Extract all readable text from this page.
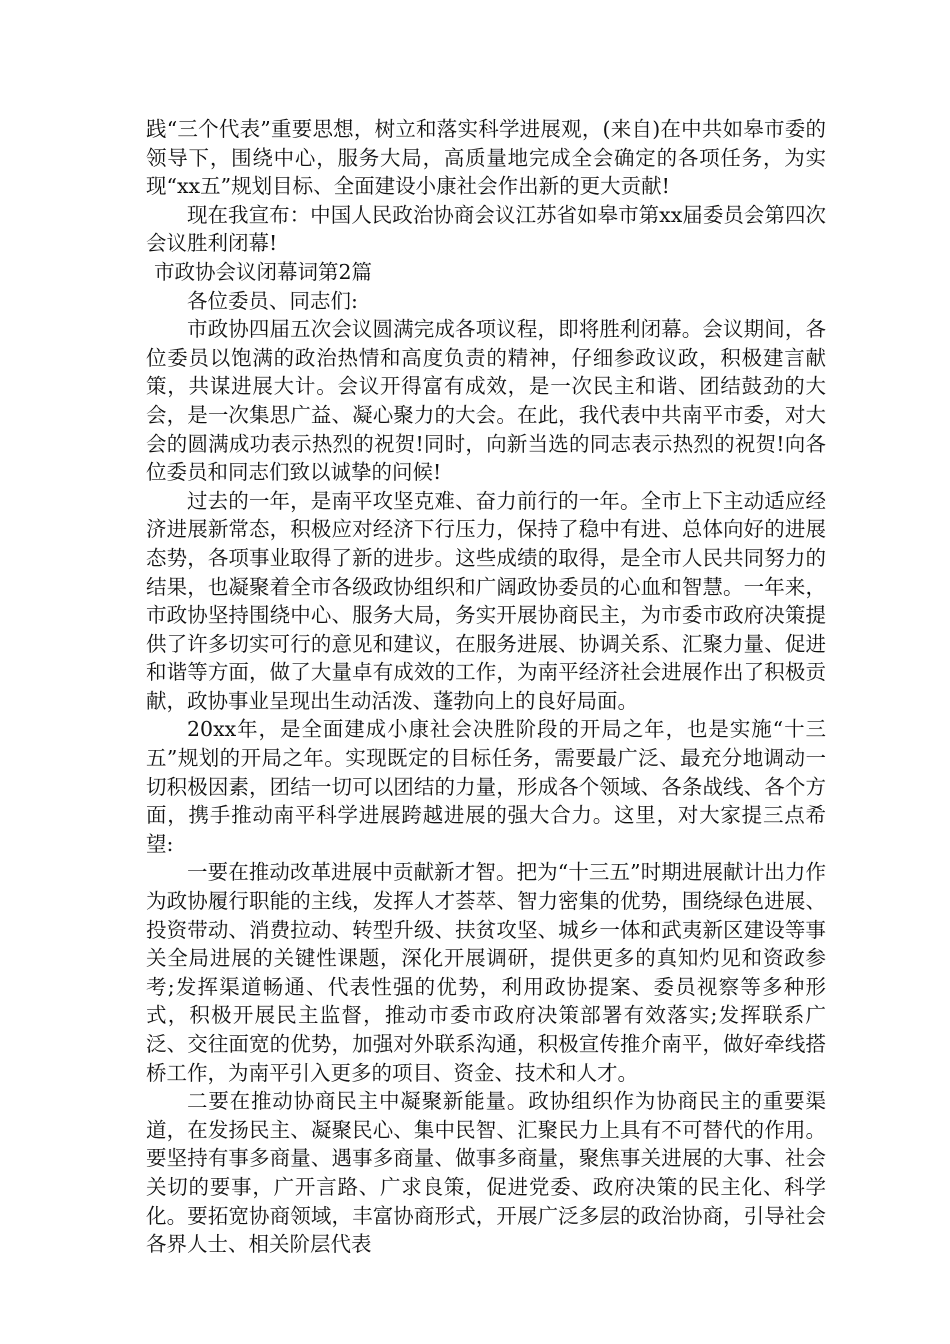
践“三个代表”重要思想，树立和落实科学进展观，(来自)在中共如皋市委的领导下，围绕中心，服务大局，高质量地完成全会确定的各项任务，为实现“xx五”规划目标、全面建设小康社会作出新的更大贡献!

现在我宣布：中国人民政治协商会议江苏省如皋市第xx届委员会第四次会议胜利闭幕!

市政协会议闭幕词第2篇

各位委员、同志们:

市政协四届五次会议圆满完成各项议程，即将胜利闭幕。会议期间，各位委员以饱满的政治热情和高度负责的精神，仔细参政议政，积极建言献策，共谋进展大计。会议开得富有成效，是一次民主和谐、团结鼓劲的大会，是一次集思广益、凝心聚力的大会。在此，我代表中共南平市委，对大会的圆满成功表示热烈的祝贺!同时，向新当选的同志表示热烈的祝贺!向各位委员和同志们致以诚挚的问候!

过去的一年，是南平攻坚克难、奋力前行的一年。全市上下主动适应经济进展新常态，积极应对经济下行压力，保持了稳中有进、总体向好的进展态势，各项事业取得了新的进步。这些成绩的取得，是全市人民共同努力的结果，也凝聚着全市各级政协组织和广阔政协委员的心血和智慧。一年来，市政协坚持围绕中心、服务大局，务实开展协商民主，为市委市政府决策提供了许多切实可行的意见和建议，在服务进展、协调关系、汇聚力量、促进和谐等方面，做了大量卓有成效的工作，为南平经济社会进展作出了积极贡献，政协事业呈现出生动活泼、蓬勃向上的良好局面。

20xx年，是全面建成小康社会决胜阶段的开局之年，也是实施“十三五”规划的开局之年。实现既定的目标任务，需要最广泛、最充分地调动一切积极因素，团结一切可以团结的力量，形成各个领域、各条战线、各个方面，携手推动南平科学进展跨越进展的强大合力。这里，对大家提三点希望:

一要在推动改革进展中贡献新才智。把为“十三五”时期进展献计出力作为政协履行职能的主线，发挥人才荟萃、智力密集的优势，围绕绿色进展、投资带动、消费拉动、转型升级、扶贫攻坚、城乡一体和武夷新区建设等事关全局进展的关键性课题，深化开展调研，提供更多的真知灼见和资政参考;发挥渠道畅通、代表性强的优势，利用政协提案、委员视察等多种形式，积极开展民主监督，推动市委市政府决策部署有效落实;发挥联系广泛、交往面宽的优势，加强对外联系沟通，积极宣传推介南平，做好牵线搭桥工作，为南平引入更多的项目、资金、技术和人才。

二要在推动协商民主中凝聚新能量。政协组织作为协商民主的重要渠道，在发扬民主、凝聚民心、集中民智、汇聚民力上具有不可替代的作用。要坚持有事多商量、遇事多商量、做事多商量，聚焦事关进展的大事、社会关切的要事，广开言路、广求良策，促进党委、政府决策的民主化、科学化。要拓宽协商领域，丰富协商形式，开展广泛多层的政治协商，引导社会各界人士、相关阶层代表
